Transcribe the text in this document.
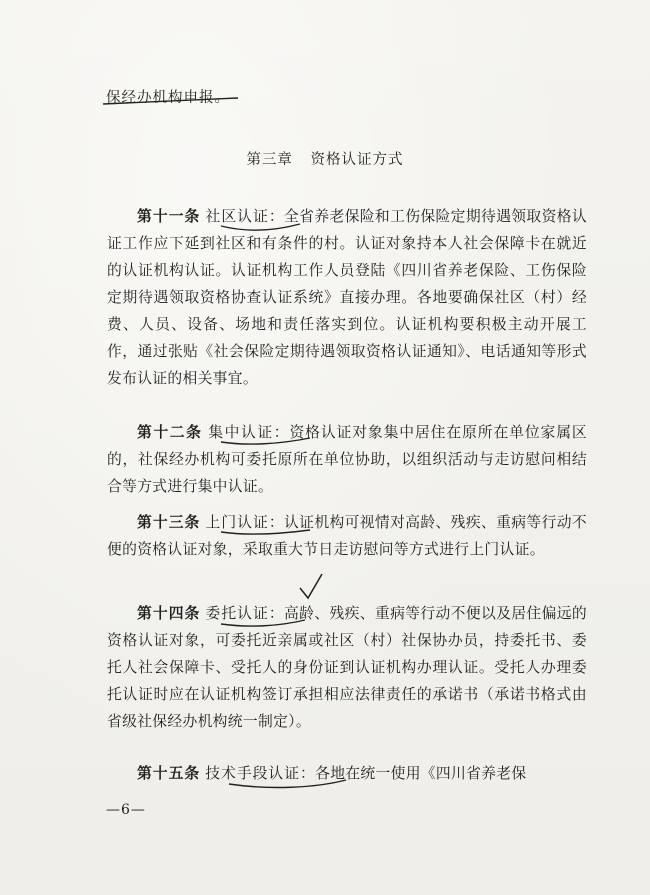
保经办机构申报。
第三章 资格认证方式
第十一条 社区认证：全省养老保险和工伤保险定期待遇领取资格认证工作应下延到社区和有条件的村。认证对象持本人社会保障卡在就近的认证机构认证。认证机构工作人员登陆《四川省养老保险、工伤保险定期待遇领取资格协查认证系统》直接办理。各地要确保社区（村）经费、人员、设备、场地和责任落实到位。认证机构要积极主动开展工作，通过张贴《社会保险定期待遇领取资格认证通知》、电话通知等形式发布认证的相关事宜。
第十二条 集中认证：资格认证对象集中居住在原所在单位家属区的，社保经办机构可委托原所在单位协助，以组织活动与走访慰问相结合等方式进行集中认证。
第十三条 上门认证：认证机构可视情对高龄、残疾、重病等行动不便的资格认证对象，采取重大节日走访慰问等方式进行上门认证。
第十四条 委托认证：高龄、残疾、重病等行动不便以及居住偏远的资格认证对象，可委托近亲属或社区（村）社保协办员，持委托书、委托人社会保障卡、受托人的身份证到认证机构办理认证。受托人办理委托认证时应在认证机构签订承担相应法律责任的承诺书（承诺书格式由省级社保经办机构统一制定）。
第十五条 技术手段认证：各地在统一使用《四川省养老保
—6—
